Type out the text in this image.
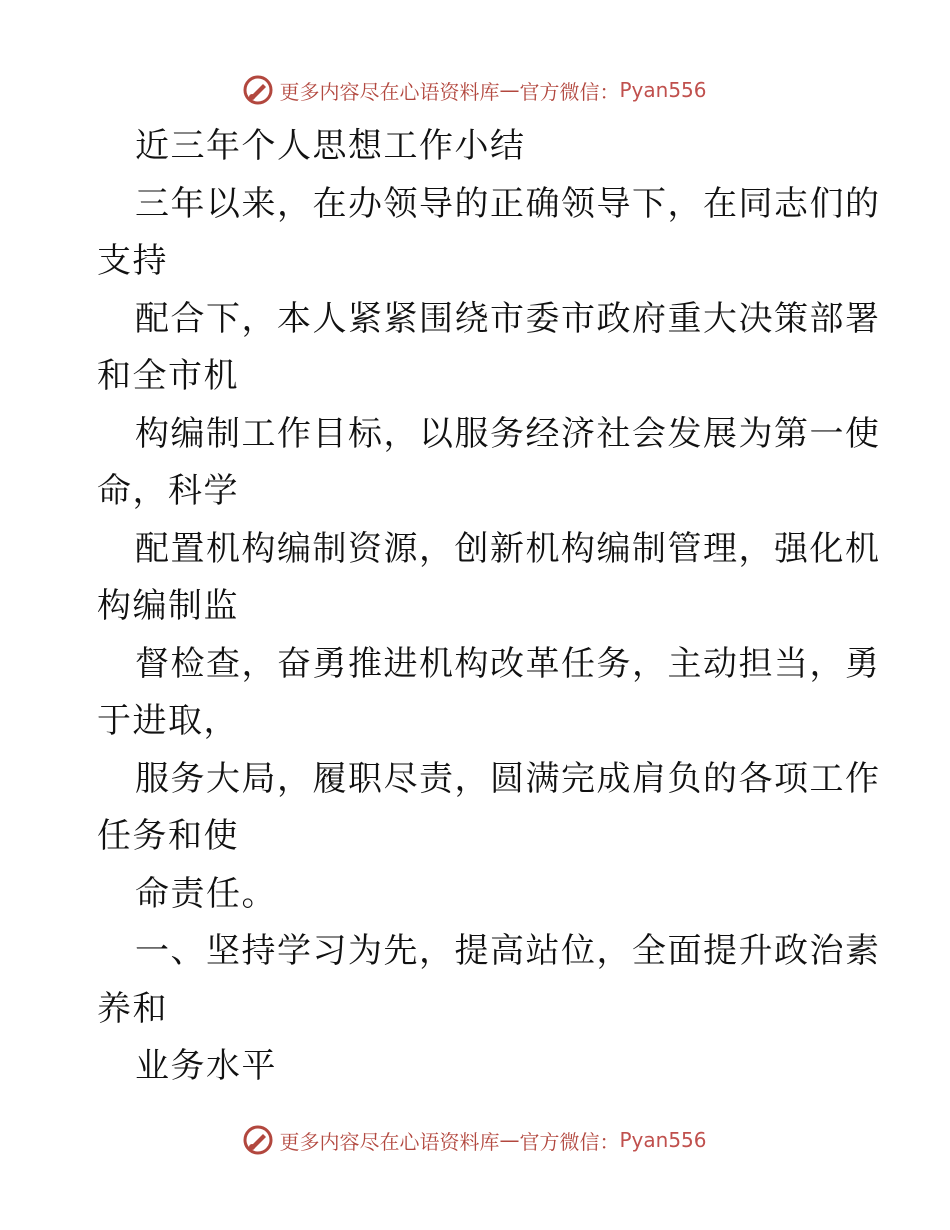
更多内容尽在心语资料库 — 官方微信： Pyan556
近三年个人思想工作小结
三年以来，在办领导的正确领导下，在同志们的
支持
配合下，本人紧紧围绕市委市政府重大决策部署
和全市机
构编制工作目标，以服务经济社会发展为第一使
命，科学
配置机构编制资源，创新机构编制管理，强化机
构编制监
督检查，奋勇推进机构改革任务，主动担当，勇
于进取，
服务大局，履职尽责，圆满完成肩负的各项工作
任务和使
命责任。
一、坚持学习为先，提高站位，全面提升政治素
养和
业务水平
更多内容尽在心语资料库 — 官方微信： Pyan556
